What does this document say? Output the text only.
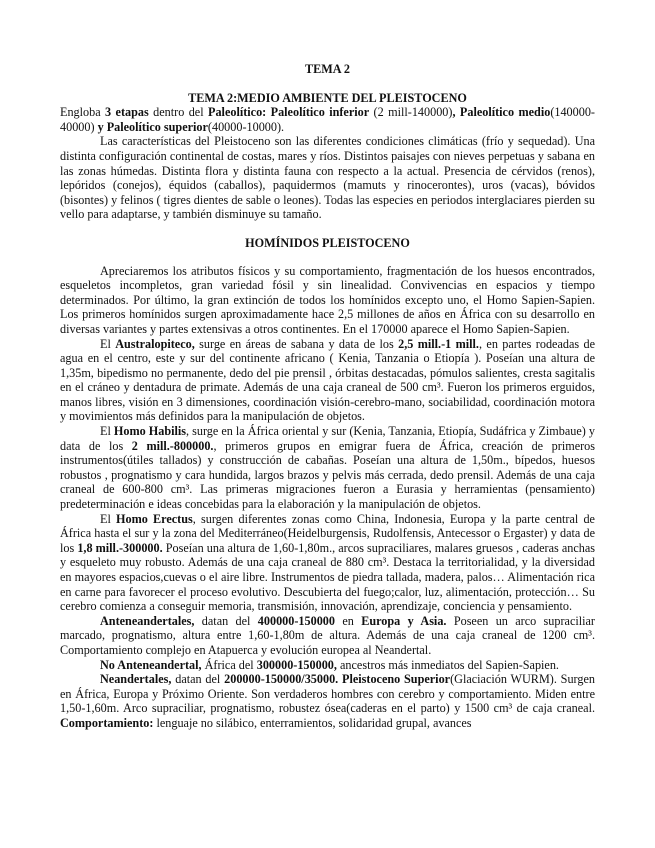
TEMA 2

TEMA 2:MEDIO AMBIENTE DEL PLEISTOCENO

Engloba 3 etapas dentro del Paleolítico: Paleolítico inferior (2 mill-140000), Paleolítico medio(140000-40000) y Paleolítico superior(40000-10000).

Las características del Pleistoceno son las diferentes condiciones climáticas (frío y sequedad). Una distinta configuración continental de costas, mares y ríos. Distintos paisajes con nieves perpetuas y sabana en las zonas húmedas. Distinta flora y distinta fauna con respecto a la actual. Presencia de cérvidos (renos), lepóridos (conejos), équidos (caballos), paquidermos (mamuts y rinocerontes), uros (vacas), bóvidos (bisontes) y felinos ( tigres dientes de sable o leones). Todas las especies en periodos interglaciares pierden su vello para adaptarse, y también disminuye su tamaño.

HOMÍNIDOS PLEISTOCENO

Apreciaremos los atributos físicos y su comportamiento, fragmentación de los huesos encontrados, esqueletos incompletos, gran variedad fósil y sin linealidad. Convivencias en espacios y tiempo determinados. Por último, la gran extinción de todos los homínidos excepto uno, el Homo Sapien-Sapien. Los primeros homínidos surgen aproximadamente hace 2,5 millones de años en África con su desarrollo en diversas variantes y partes extensivas a otros continentes. En el 170000 aparece el Homo Sapien-Sapien.

El Australopiteco, surge en áreas de sabana y data de los 2,5 mill.-1 mill., en partes rodeadas de agua en el centro, este y sur del continente africano ( Kenia, Tanzania o Etiopía ). Poseían una altura de 1,35m, bipedismo no permanente, dedo del pie prensil , órbitas destacadas, pómulos salientes, cresta sagitalis en el cráneo y dentadura de primate. Además de una caja craneal de 500 cm³. Fueron los primeros erguidos, manos libres, visión en 3 dimensiones, coordinación visión-cerebro-mano, sociabilidad, coordinación motora y movimientos más definidos para la manipulación de objetos.

El Homo Habilis, surge en la África oriental y sur (Kenia, Tanzania, Etiopía, Sudáfrica y Zimbaue) y data de los 2 mill.-800000., primeros grupos en emigrar fuera de África, creación de primeros instrumentos(útiles tallados) y construcción de cabañas. Poseían una altura de 1,50m., bípedos, huesos robustos , prognatismo y cara hundida, largos brazos y pelvis más cerrada, dedo prensil. Además de una caja craneal de 600-800 cm³. Las primeras migraciones fueron a Eurasia y herramientas (pensamiento) predeterminación e ideas concebidas para la elaboración y la manipulación de objetos.

El Homo Erectus, surgen diferentes zonas como China, Indonesia, Europa y la parte central de África hasta el sur y la zona del Mediterráneo(Heidelburgensis, Rudolfensis, Antecessor o Ergaster) y data de los 1,8 mill.-300000. Poseían una altura de 1,60-1,80m., arcos supraciliares, malares gruesos , caderas anchas y esqueleto muy robusto. Además de una caja craneal de 880 cm³. Destaca la territorialidad, y la diversidad en mayores espacios,cuevas o el aire libre. Instrumentos de piedra tallada, madera, palos… Alimentación rica en carne para favorecer el proceso evolutivo. Descubierta del fuego;calor, luz, alimentación, protección… Su cerebro comienza a conseguir memoria, transmisión, innovación, aprendizaje, conciencia y pensamiento.

Anteneandertales, datan del 400000-150000 en Europa y Asia. Poseen un arco supraciliar marcado, prognatismo, altura entre 1,60-1,80m de altura. Además de una caja craneal de 1200 cm³. Comportamiento complejo en Atapuerca y evolución europea al Neandertal.

No Anteneandertal, África del 300000-150000, ancestros más inmediatos del Sapien-Sapien.

Neandertales, datan del 200000-150000/35000. Pleistoceno Superior(Glaciación WURM). Surgen en África, Europa y Próximo Oriente. Son verdaderos hombres con cerebro y comportamiento. Miden entre 1,50-1,60m. Arco supraciliar, prognatismo, robustez ósea(caderas en el parto) y 1500 cm³ de caja craneal. Comportamiento: lenguaje no silábico, enterramientos, solidaridad grupal, avances
